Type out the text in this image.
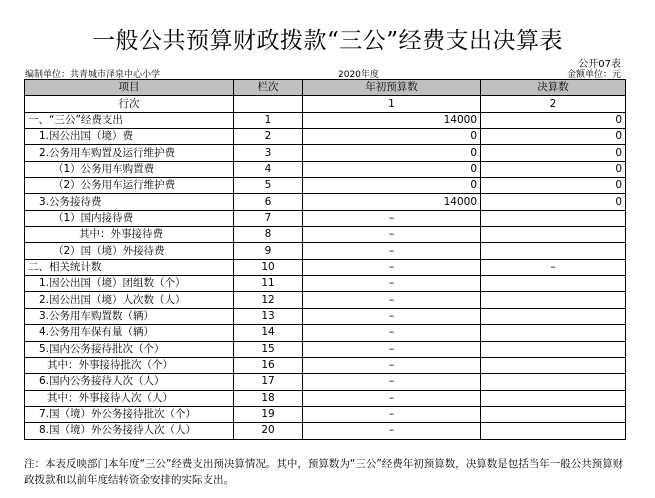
一般公共预算财政拨款“三公”经费支出决算表
公开07表
编制单位：共青城市泽泉中心小学	2020年度	金额单位：元
项目	栏次	年初预算数	决算数
行次		1	2
一、“三公”经费支出	1	14000	0
1.因公出国（境）费	2	0	0
2.公务用车购置及运行维护费	3	0	0
（1）公务用车购置费	4	0	0
（2）公务用车运行维护费	5	0	0
3.公务接待费	6	14000	0
（1）国内接待费	7	–	
其中：外事接待费	8	–	
（2）国（境）外接待费	9	–	
二、相关统计数	10	–	–
1.因公出国（境）团组数（个）	11	–	
2.因公出国（境）人次数（人）	12	–	
3.公务用车购置数（辆）	13	–	
4.公务用车保有量（辆）	14	–	
5.国内公务接待批次（个）	15	–	
其中：外事接待批次（个）	16	–	
6.国内公务接待人次（人）	17	–	
其中：外事接待人次（人）	18	–	
7.国（境）外公务接待批次（个）	19	–	
8.国（境）外公务接待人次（人）	20	–	
注：本表反映部门本年度“三公”经费支出预决算情况。其中，预算数为“三公”经费年初预算数，决算数是包括当年一般公共预算财政拨款和以前年度结转资金安排的实际支出。
